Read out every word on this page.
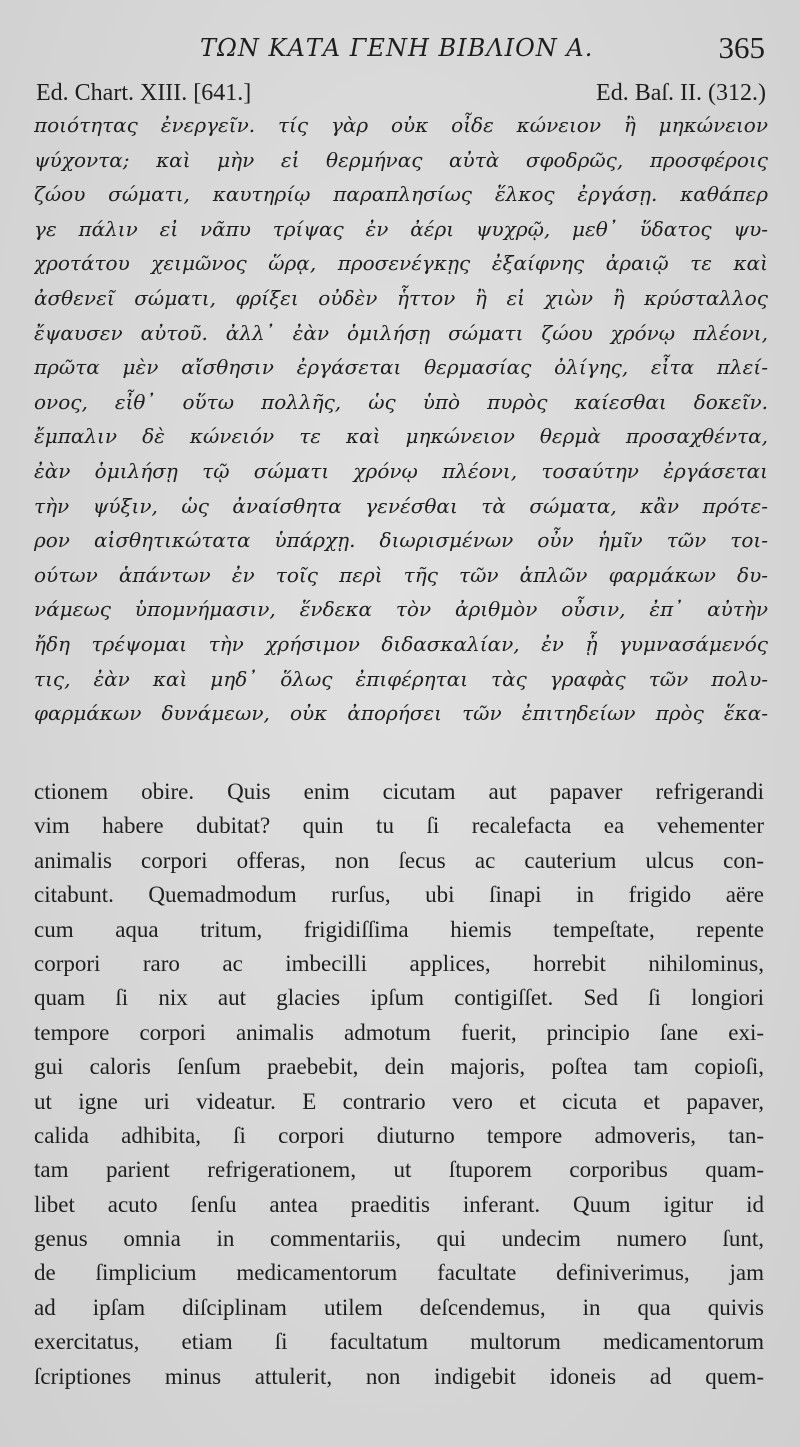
ΤΩΝ ΚΑΤΑ ΓΕΝΗ ΒΙΒΛΙΟΝ Α.	365
Ed. Chart. XIII. [641.]	Ed. Baſ. II. (312.)
ποιότητας ἐνεργεῖν. τίς γὰρ οὐκ οἶδε κώνειον ἢ μηκώνειον
ψύχοντα; καὶ μὴν εἰ θερμήνας αὐτὰ σφοδρῶς, προσφέροις
ζώου σώματι, καυτηρίῳ παραπλησίως ἕλκος ἐργάσῃ. καθάπερ
γε πάλιν εἰ νᾶπυ τρίψας ἐν ἀέρι ψυχρῷ, μεθ᾽ ὕδατος ψυ-
χροτάτου χειμῶνος ὥρᾳ, προσενέγκῃς ἐξαίφνης ἀραιῷ τε καὶ
ἀσθενεῖ σώματι, φρίξει οὐδὲν ἧττον ἢ εἰ χιὼν ἢ κρύσταλλος
ἔψαυσεν αὐτοῦ. ἀλλ᾽ ἐὰν ὁμιλήσῃ σώματι ζώου χρόνῳ πλέονι,
πρῶτα μὲν αἴσθησιν ἐργάσεται θερμασίας ὀλίγης, εἶτα πλεί-
ονος, εἶθ᾽ οὕτω πολλῆς, ὡς ὑπὸ πυρὸς καίεσθαι δοκεῖν.
ἔμπαλιν δὲ κώνειόν τε καὶ μηκώνειον θερμὰ προσαχθέντα,
ἐὰν ὁμιλήσῃ τῷ σώματι χρόνῳ πλέονι, τοσαύτην ἐργάσεται
τὴν ψύξιν, ὡς ἀναίσθητα γενέσθαι τὰ σώματα, κἂν πρότε-
ρον αἰσθητικώτατα ὑπάρχῃ. διωρισμένων οὖν ἡμῖν τῶν τοι-
ούτων ἁπάντων ἐν τοῖς περὶ τῆς τῶν ἁπλῶν φαρμάκων δυ-
νάμεως ὑπομνήμασιν, ἕνδεκα τὸν ἀριθμὸν οὖσιν, ἐπ᾽ αὐτὴν
ἤδη τρέψομαι τὴν χρήσιμον διδασκαλίαν, ἐν ᾗ γυμνασάμενός
τις, ἐὰν καὶ μηδ᾽ ὅλως ἐπιφέρηται τὰς γραφὰς τῶν πολυ-
φαρμάκων δυνάμεων, οὐκ ἀπορήσει τῶν ἐπιτηδείων πρὸς ἕκα-
ctionem obire. Quis enim cicutam aut papaver refrigerandi
vim habere dubitat? quin tu ſi recalefacta ea vehementer
animalis corpori offeras, non ſecus ac cauterium ulcus con-
citabunt. Quemadmodum rurſus, ubi ſinapi in frigido aëre
cum aqua tritum, frigidiſſima hiemis tempeſtate, repente
corpori raro ac imbecilli applices, horrebit nihilominus,
quam ſi nix aut glacies ipſum contigiſſet. Sed ſi longiori
tempore corpori animalis admotum fuerit, principio ſane exi-
gui caloris ſenſum praebebit, dein majoris, poſtea tam copioſi,
ut igne uri videatur. E contrario vero et cicuta et papaver,
calida adhibita, ſi corpori diuturno tempore admoveris, tan-
tam parient refrigerationem, ut ſtuporem corporibus quam-
libet acuto ſenſu antea praeditis inferant. Quum igitur id
genus omnia in commentariis, qui undecim numero ſunt,
de ſimplicium medicamentorum facultate definiverimus, jam
ad ipſam diſciplinam utilem deſcendemus, in qua quivis
exercitatus, etiam ſi facultatum multorum medicamentorum
ſcriptiones minus attulerit, non indigebit idoneis ad quem-
